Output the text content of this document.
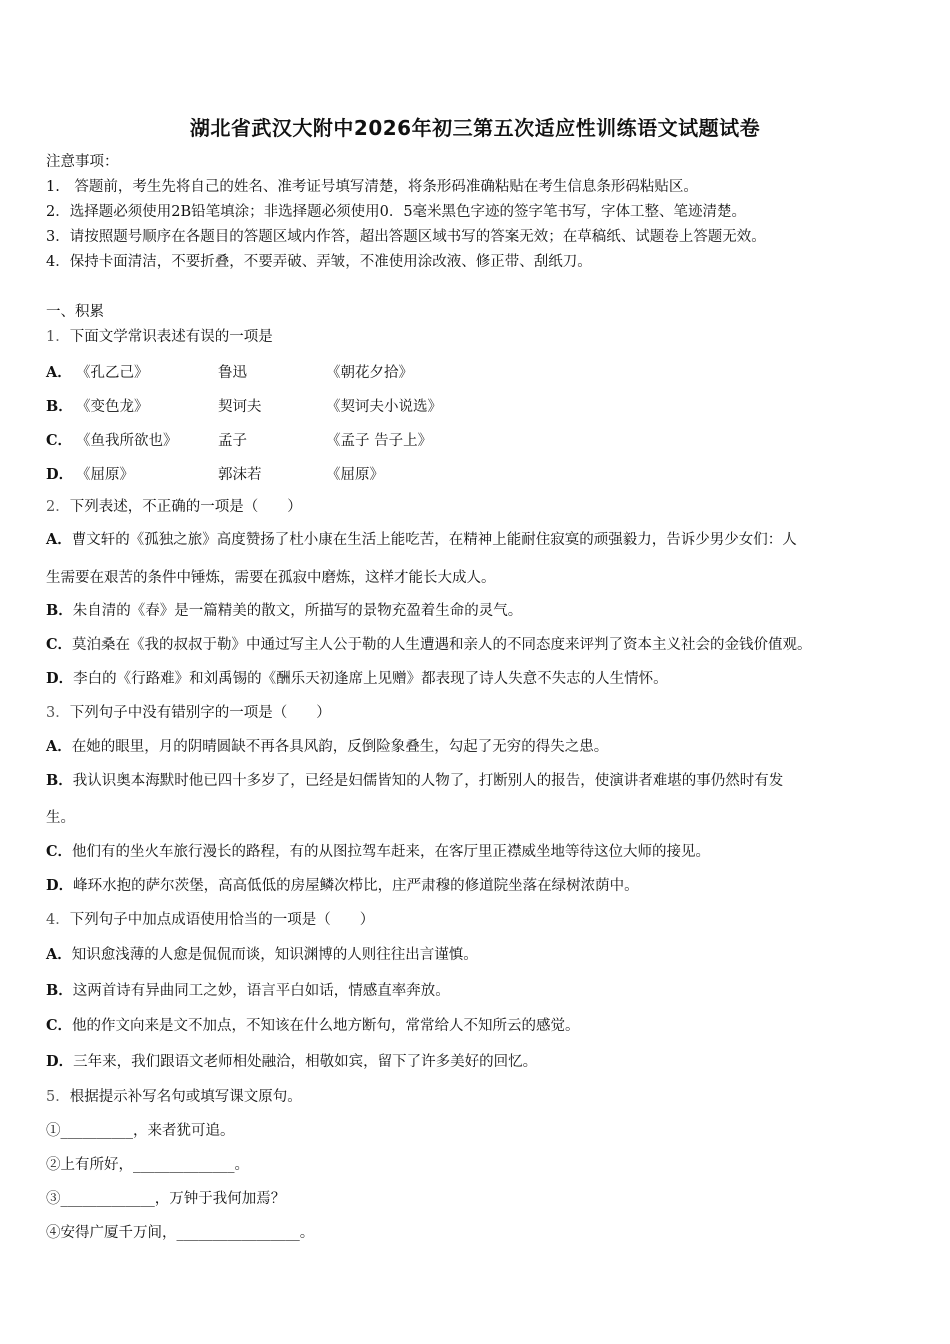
湖北省武汉大附中2026年初三第五次适应性训练语文试题试卷
注意事项：
1.　答题前，考生先将自己的姓名、准考证号填写清楚，将条形码准确粘贴在考生信息条形码粘贴区。
2．选择题必须使用2B铅笔填涂；非选择题必须使用0．5毫米黑色字迹的签字笔书写，字体工整、笔迹清楚。
3．请按照题号顺序在各题目的答题区域内作答，超出答题区域书写的答案无效；在草稿纸、试题卷上答题无效。
4．保持卡面清洁，不要折叠，不要弄破、弄皱，不准使用涂改液、修正带、刮纸刀。
一、积累
1．下面文学常识表述有误的一项是
A． 《孔乙己》	鲁迅	《朝花夕拾》
B． 《变色龙》	契诃夫	《契诃夫小说选》
C． 《鱼我所欲也》	孟子	《孟子 告子上》
D． 《屈原》	郭沫若	《屈原》
2．下列表述，不正确的一项是（　　）
A．曹文轩的《孤独之旅》高度赞扬了杜小康在生活上能吃苦，在精神上能耐住寂寞的顽强毅力，告诉少男少女们：人
生需要在艰苦的条件中锤炼，需要在孤寂中磨炼，这样才能长大成人。
B．朱自清的《春》是一篇精美的散文，所描写的景物充盈着生命的灵气。
C．莫泊桑在《我的叔叔于勒》中通过写主人公于勒的人生遭遇和亲人的不同态度来评判了资本主义社会的金钱价值观。
D．李白的《行路难》和刘禹锡的《酬乐天初逢席上见赠》都表现了诗人失意不失志的人生情怀。
3．下列句子中没有错别字的一项是（　　）
A．在她的眼里，月的阴晴圆缺不再各具风韵，反倒险象叠生，勾起了无穷的得失之患。
B．我认识奥本海默时他已四十多岁了，已经是妇儒皆知的人物了，打断别人的报告，使演讲者难堪的事仍然时有发
生。
C．他们有的坐火车旅行漫长的路程，有的从图拉驾车赶来，在客厅里正襟威坐地等待这位大师的接见。
D．峰环水抱的萨尔茨堡，高高低低的房屋鳞次栉比，庄严肃穆的修道院坐落在绿树浓荫中。
4．下列句子中加点成语使用恰当的一项是（　　）
A．知识愈浅薄的人愈是侃侃而谈，知识渊博的人则往往出言谨慎。
B．这两首诗有异曲同工之妙，语言平白如话，情感直率奔放。
C．他的作文向来是文不加点，不知该在什么地方断句，常常给人不知所云的感觉。
D．三年来，我们跟语文老师相处融洽，相敬如宾，留下了许多美好的回忆。
5．根据提示补写名句或填写课文原句。
①__________，来者犹可追。
②上有所好，______________。
③_____________，万钟于我何加焉？
④安得广厦千万间，_________________。
